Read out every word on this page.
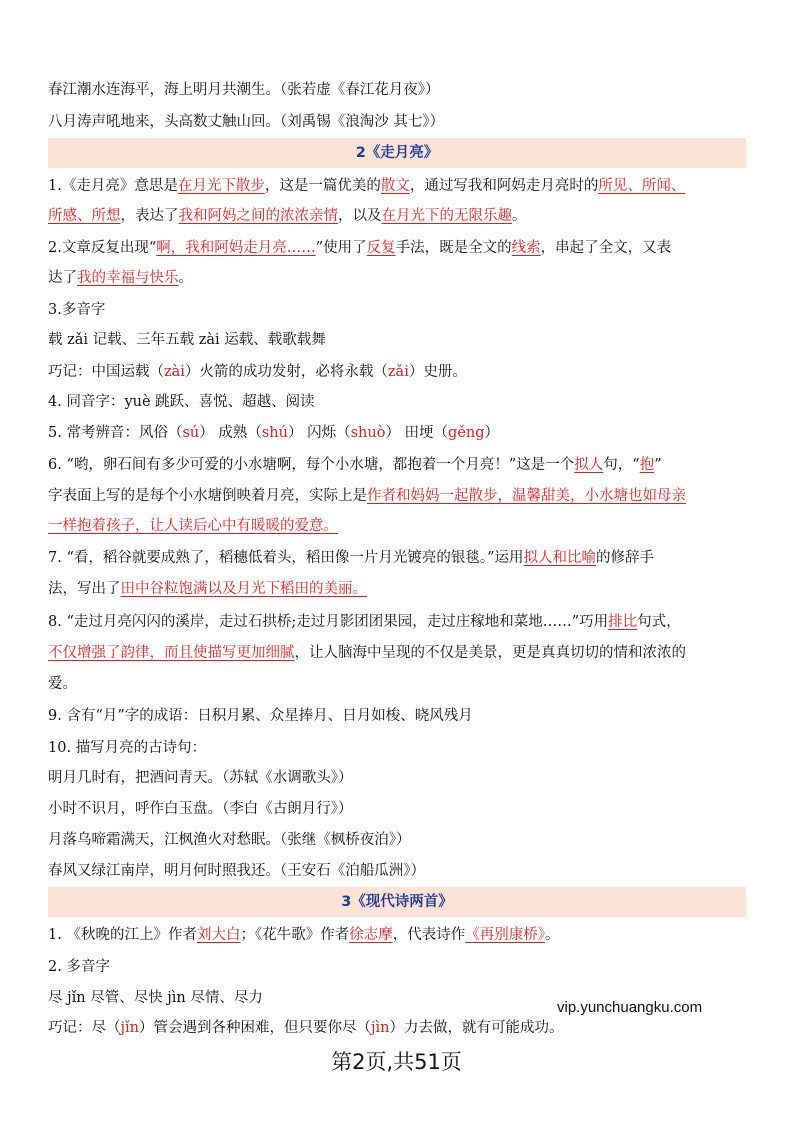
春江潮水连海平，海上明月共潮生。（张若虚《春江花月夜》）
八月涛声吼地来，头高数丈触山回。（刘禹锡《浪淘沙 其七》）
2《走月亮》
1.《走月亮》意思是在月光下散步，这是一篇优美的散文，通过写我和阿妈走月亮时的所见、所闻、
所感、所想，表达了我和阿妈之间的浓浓亲情，以及在月光下的无限乐趣。
2.文章反复出现“啊，我和阿妈走月亮……”使用了反复手法，既是全文的线索，串起了全文，又表
达了我的幸福与快乐。
3.多音字
载 zǎi 记载、三年五载 zài 运载、载歌载舞
巧记：中国运载（zài）火箭的成功发射，必将永载（zǎi）史册。
4. 同音字：yuè 跳跃、喜悦、超越、阅读
5. 常考辨音：风俗（sú） 成熟（shú） 闪烁（shuò） 田埂（gěng）
6. “哟，卵石间有多少可爱的小水塘啊，每个小水塘，都抱着一个月亮！”这是一个拟人句，“抱”
字表面上写的是每个小水塘倒映着月亮，实际上是作者和妈妈一起散步，温馨甜美，小水塘也如母亲
一样抱着孩子，让人读后心中有暖暖的爱意。
7. “看，稻谷就要成熟了，稻穗低着头，稻田像一片月光镀亮的银毯。”运用拟人和比喻的修辞手
法，写出了田中谷粒饱满以及月光下稻田的美丽。
8. “走过月亮闪闪的溪岸，走过石拱桥;走过月影团团果园，走过庄稼地和菜地……”巧用排比句式，
不仅增强了韵律，而且使描写更加细腻，让人脑海中呈现的不仅是美景，更是真真切切的情和浓浓的
爱。
9. 含有“月”字的成语：日积月累、众星捧月、日月如梭、晓风残月
10. 描写月亮的古诗句：
明月几时有，把酒问青天。（苏轼《水调歌头》）
小时不识月，呼作白玉盘。（李白《古朗月行》）
月落乌啼霜满天，江枫渔火对愁眠。（张继《枫桥夜泊》）
春风又绿江南岸，明月何时照我还。（王安石《泊船瓜洲》）
3《现代诗两首》
1. 《秋晚的江上》作者刘大白；《花牛歌》作者徐志摩，代表诗作《再别康桥》。
2. 多音字
尽 jǐn 尽管、尽快 jìn 尽情、尽力
巧记：尽（jǐn）管会遇到各种困难，但只要你尽（jìn）力去做，就有可能成功。
vip.yunchuangku.com
第2页,共51页
